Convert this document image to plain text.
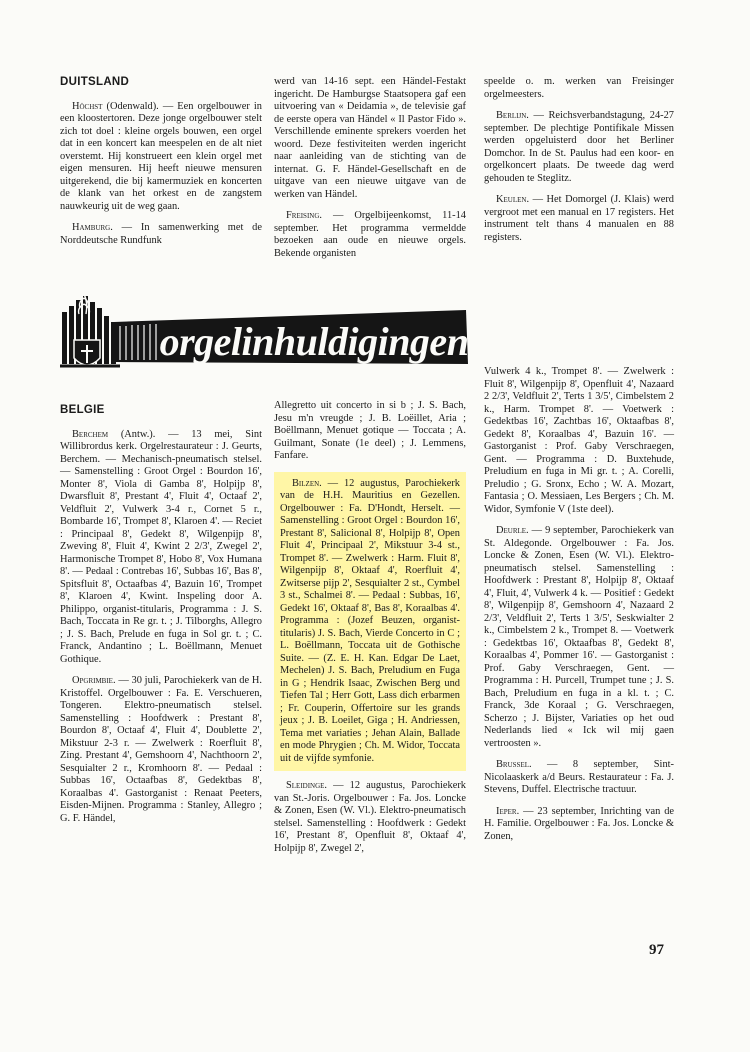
DUITSLAND

Höchst (Odenwald). — Een orgelbouwer in een kloostertoren. Deze jonge orgelbouwer stelt zich tot doel : kleine orgels bouwen, een orgel dat in een koncert kan meespelen en de alt niet overstemt. Hij konstrueert een klein orgel met eigen mensuren. Hij heeft nieuwe mensuren uitgerekend, die bij kamermuziek en koncerten de klank van het orkest en de zangstem nauwkeurig uit de weg gaan.

Hamburg. — In samenwerking met de Norddeutsche Rundfunk

werd van 14-16 sept. een Händel-Festakt ingericht. De Hamburgse Staatsopera gaf een uitvoering van « Deidamia », de televisie gaf de eerste opera van Händel « Il Pastor Fido ». Verschillende eminente sprekers voerden het woord. Deze festiviteiten werden ingericht naar aanleiding van de stichting van de internat. G. F. Händel-Gesellschaft en de uitgave van een nieuwe uitgave van de werken van Händel.

Freising. — Orgelbijeenkomst, 11-14 september. Het programma vermeldde bezoeken aan oude en nieuwe orgels. Bekende organisten

speelde o. m. werken van Freisinger orgelmeesters.

Berlijn. — Reichsverbandstagung, 24-27 september. De plechtige Pontifikale Missen werden opgeluisterd door het Berliner Domchor. In de St. Paulus had een koor- en orgelkoncert plaats. De tweede dag werd gehouden te Steglitz.

Keulen. — Het Domorgel (J. Klais) werd vergroot met een manual en 17 registers. Het instrument telt thans 4 manualen en 88 registers.

orgelinhuldigingen
BELGIE

Berchem (Antw.). — 13 mei, Sint Willibrordus kerk. Orgelrestaurateur : J. Geurts, Berchem. — Mechanisch-pneumatisch stelsel. — Samenstelling : Groot Orgel : Bourdon 16', Monter 8', Viola di Gamba 8', Holpijp 8', Dwarsfluit 8', Prestant 4', Fluit 4', Octaaf 2', Veldfluit 2', Vulwerk 3-4 r., Cornet 5 r., Bombarde 16', Trompet 8', Klaroen 4'. — Reciet : Principaal 8', Gedekt 8', Wilgenpijp 8', Zweving 8', Fluit 4', Kwint 2 2/3', Zwegel 2', Harmonische Trompet 8', Hobo 8', Vox Humana 8'. — Pedaal : Contrebas 16', Subbas 16', Bas 8', Spitsfluit 8', Octaafbas 4', Bazuin 16', Trompet 8', Klaroen 4', Kwint. Inspeling door A. Philippo, organist-titularis, Programma : J. S. Bach, Toccata in Re gr. t. ; J. Tilborghs, Allegro ; J. S. Bach, Prelude en fuga in Sol gr. t. ; C. Franck, Andantino ; L. Boëllmann, Menuet Gothique.

Opgrimbie. — 30 juli, Parochiekerk van de H. Kristoffel. Orgelbouwer : Fa. E. Verschueren, Tongeren. Elektro-pneumatisch stelsel. Samenstelling : Hoofdwerk : Prestant 8', Bourdon 8', Octaaf 4', Fluit 4', Doublette 2', Mikstuur 2-3 r. — Zwelwerk : Roerfluit 8', Zing. Prestant 4', Gemshoorn 4', Nachthoorn 2', Sesquialter 2 r., Kromhoorn 8'. — Pedaal : Subbas 16', Octaafbas 8', Gedektbas 8', Koraalbas 4'. Gastorganist : Renaat Peeters, Eisden-Mijnen. Programma : Stanley, Allegro ; G. F. Händel,

Allegretto uit concerto in si b ; J. S. Bach, Jesu m'n vreugde ; J. B. Loëillet, Aria ; Boëllmann, Menuet gotique — Toccata ; A. Guilmant, Sonate (1e deel) ; J. Lemmens, Fanfare.

Bilzen. — 12 augustus, Parochiekerk van de H.H. Mauritius en Gezellen. Orgelbouwer : Fa. D'Hondt, Herselt. — Samenstelling : Groot Orgel : Bourdon 16', Prestant 8', Salicional 8', Holpijp 8', Open Fluit 4', Principaal 2', Mikstuur 3-4 st., Trompet 8'. — Zwelwerk : Harm. Fluit 8', Wilgenpijp 8', Oktaaf 4', Roerfluit 4', Zwitserse pijp 2', Sesquialter 2 st., Cymbel 3 st., Schalmei 8'. — Pedaal : Subbas, 16', Gedekt 16', Oktaaf 8', Bas 8', Koraalbas 4'. Programma : (Jozef Beuzen, organist-titularis) J. S. Bach, Vierde Concerto in C ; L. Boëllmann, Toccata uit de Gothische Suite. — (Z. E. H. Kan. Edgar De Laet, Mechelen) J. S. Bach, Preludium en Fuga in G ; Hendrik Isaac, Zwischen Berg und Tiefen Tal ; Herr Gott, Lass dich erbarmen ; Fr. Couperin, Offertoire sur les grands jeux ; J. B. Loeilet, Giga ; H. Andriessen, Tema met variaties ; Jehan Alain, Ballade en mode Phrygien ; Ch. M. Widor, Toccata uit de vijfde symfonie.

Sleidinge. — 12 augustus, Parochiekerk van St.-Joris. Orgelbouwer : Fa. Jos. Loncke & Zonen, Esen (W. Vl.). Elektro-pneumatisch stelsel. Samenstelling : Hoofdwerk : Gedekt 16', Prestant 8', Openfluit 8', Oktaaf 4', Holpijp 8', Zwegel 2',

Vulwerk 4 k., Trompet 8'. — Zwelwerk : Fluit 8', Wilgenpijp 8', Openfluit 4', Nazaard 2 2/3', Veldfluit 2', Terts 1 3/5', Cimbelstem 2 k., Harm. Trompet 8'. — Voetwerk : Gedektbas 16', Zachtbas 16', Oktaafbas 8', Gedekt 8', Koraalbas 4', Bazuin 16'. — Gastorganist : Prof. Gaby Verschraegen, Gent. — Programma : D. Buxtehude, Preludium en fuga in Mi gr. t. ; A. Corelli, Preludio ; G. Sronx, Echo ; W. A. Mozart, Fantasia ; O. Messiaen, Les Bergers ; Ch. M. Widor, Symfonie V (1ste deel).

Deurle. — 9 september, Parochiekerk van St. Aldegonde. Orgelbouwer : Fa. Jos. Loncke & Zonen, Esen (W. Vl.). Elektro-pneumatisch stelsel. Samenstelling : Hoofdwerk : Prestant 8', Holpijp 8', Oktaaf 4', Fluit, 4', Vulwerk 4 k. — Positief : Gedekt 8', Wilgenpijp 8', Gemshoorn 4', Nazaard 2 2/3', Veldfluit 2', Terts 1 3/5', Seskwialter 2 k., Cimbelstem 2 k., Trompet 8. — Voetwerk : Gedektbas 16', Oktaafbas 8', Gedekt 8', Koraalbas 4', Pommer 16'. — Gastorganist : Prof. Gaby Verschraegen, Gent. — Programma : H. Purcell, Trumpet tune ; J. S. Bach, Preludium en fuga in a kl. t. ; C. Franck, 3de Koraal ; G. Verschraegen, Scherzo ; J. Bijster, Variaties op het oud Nederlands lied « Ick wil mij gaen vertroosten ».

Brussel. — 8 september, Sint-Nicolaaskerk a/d Beurs. Restaurateur : Fa. J. Stevens, Duffel. Electrische tractuur.

Ieper. — 23 september, Inrichting van de H. Familie. Orgelbouwer : Fa. Jos. Loncke & Zonen,

97
